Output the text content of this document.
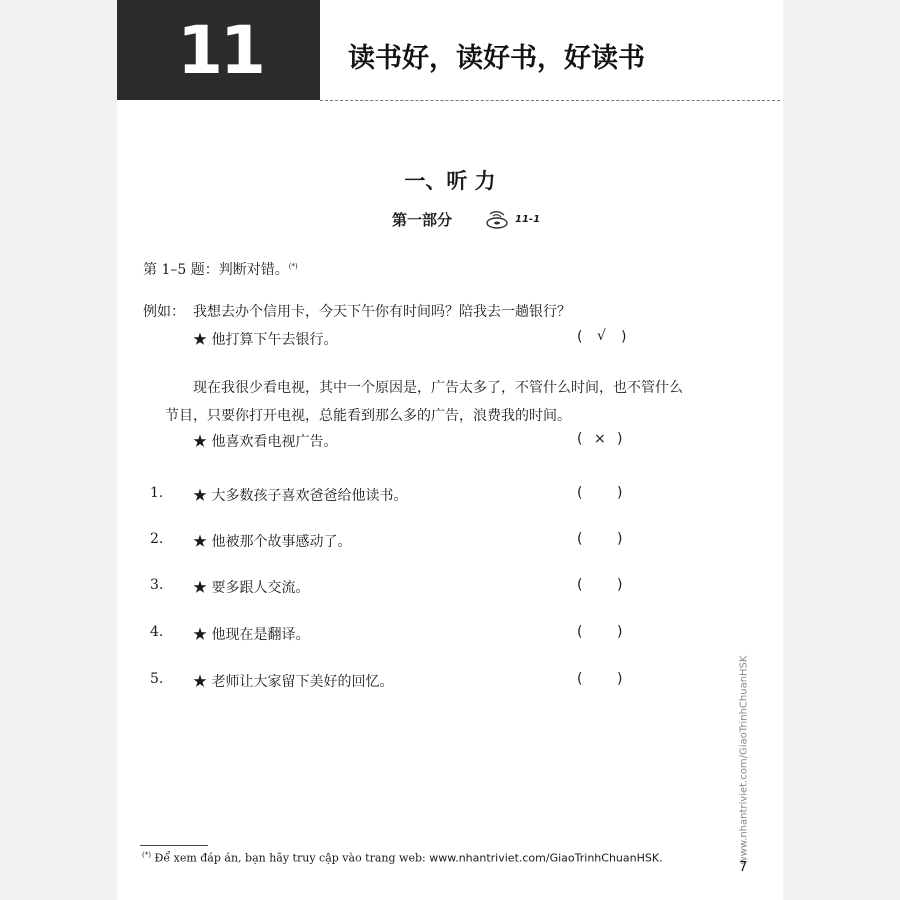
11	读书好，读好书，好读书
一、听 力
第一部分	11-1
第 1–5 题：判断对错。(*)
例如： 我想去办个信用卡，今天下午你有时间吗？陪我去一趟银行？
★ 他打算下午去银行。	( √ )
现在我很少看电视，其中一个原因是，广告太多了，不管什么时间，也不管什么
节目，只要你打开电视，总能看到那么多的广告，浪费我的时间。
★ 他喜欢看电视广告。	( × )
1. ★ 大多数孩子喜欢爸爸给他读书。	( )
2. ★ 他被那个故事感动了。	( )
3. ★ 要多跟人交流。	( )
4. ★ 他现在是翻译。	( )
5. ★ 老师让大家留下美好的回忆。	( )
(*) Để xem đáp án, bạn hãy truy cập vào trang web: www.nhantriviet.com/GiaoTrinhChuanHSK.	www.nhantriviet.com/GiaoTrinhChuanHSK
7
